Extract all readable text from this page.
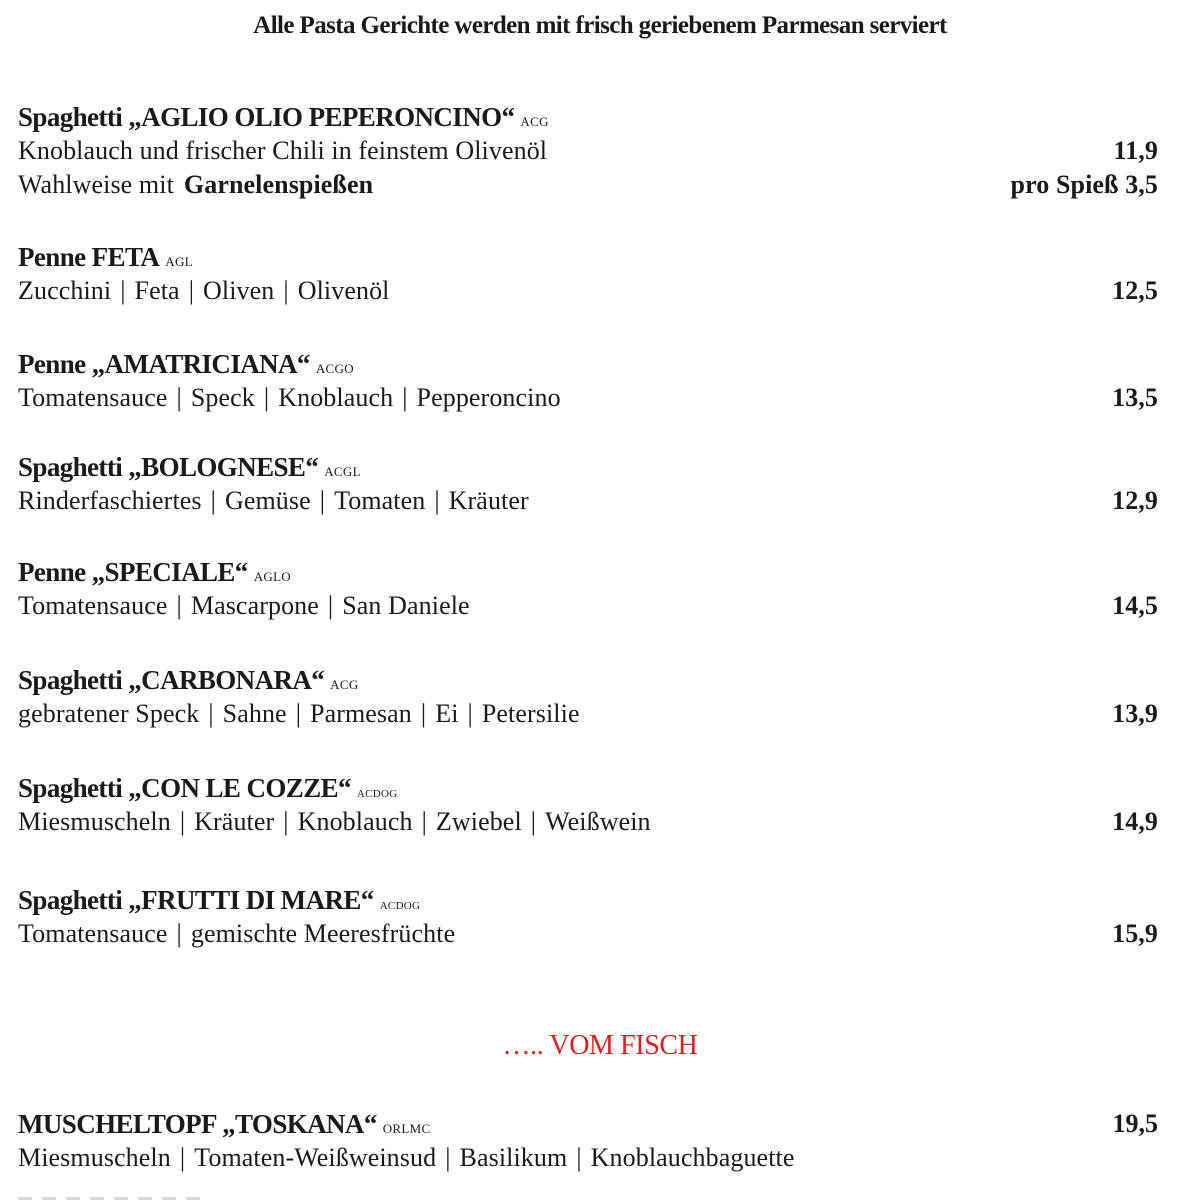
Alle Pasta Gerichte werden mit frisch geriebenem Parmesan serviert
Spaghetti „AGLIO OLIO PEPERONCINO“ acg
Knoblauch und frischer Chili in feinstem Olivenöl	11,9
Wahlweise mit Garnelenspießen	pro Spieß 3,5
Penne FETA agl
Zucchini | Feta | Oliven | Olivenöl	12,5
Penne „AMATRICIANA“ acgo
Tomatensauce | Speck | Knoblauch | Pepperoncino	13,5
Spaghetti „BOLOGNESE“ acgl
Rinderfaschiertes | Gemüse | Tomaten | Kräuter	12,9
Penne „SPECIALE“ aglo
Tomatensauce | Mascarpone | San Daniele	14,5
Spaghetti „CARBONARA“ acg
gebratener Speck | Sahne | Parmesan | Ei | Petersilie	13,9
Spaghetti „CON LE COZZE“ acdog
Miesmuscheln | Kräuter | Knoblauch | Zwiebel | Weißwein	14,9
Spaghetti „FRUTTI DI MARE“ acdog
Tomatensauce | gemischte Meeresfrüchte	15,9
….. VOM FISCH
MUSCHELTOPF „TOSKANA“ orlmc	19,5
Miesmuscheln | Tomaten-Weißweinsud | Basilikum | Knoblauchbaguette
